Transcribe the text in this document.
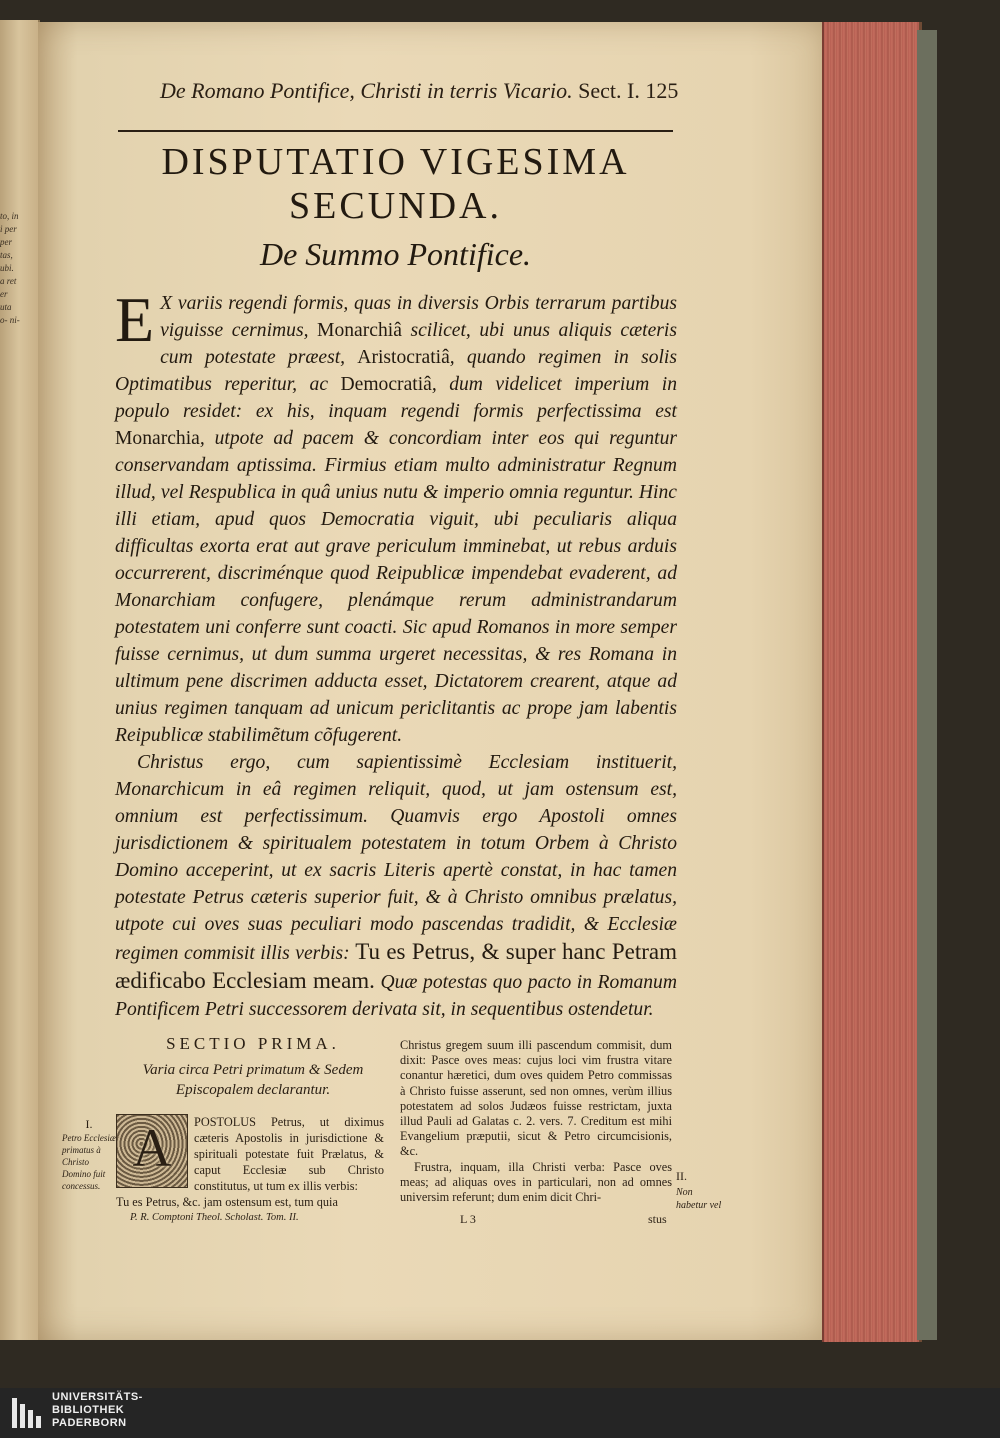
to, in i per per tas, ubi. a ret er uta o- ni-
De Romano Pontifice, Christi in terris Vicario. Sect. I. 125
DISPUTATIO VIGESIMA
SECUNDA.
De Summo Pontifice.

E X variis regendi formis, quas in diversis Orbis terrarum partibus viguisse cernimus, Monarchiâ scilicet, ubi unus aliquis cæteris cum potestate præest, Aristocratiâ, quando regimen in solis Optimatibus reperitur, ac Democratiâ, dum videlicet imperium in populo residet: ex his, inquam regendi formis perfectissima est Monarchia, utpote ad pacem & concordiam inter eos qui reguntur conservandam aptissima. Firmius etiam multo administratur Regnum illud, vel Respublica in quâ unius nutu & imperio omnia reguntur. Hinc illi etiam, apud quos Democratia viguit, ubi peculiaris aliqua difficultas exorta erat aut grave periculum imminebat, ut rebus arduis occurrerent, discriménque quod Reipublicæ impendebat evaderent, ad Monarchiam confugere, plenámque rerum administrandarum potestatem uni conferre sunt coacti. Sic apud Romanos in more semper fuisse cernimus, ut dum summa urgeret necessitas, & res Romana in ultimum pene discrimen adducta esset, Dictatorem crearent, atque ad unius regimen tanquam ad unicum periclitantis ac prope jam labentis Reipublicæ stabilimẽtum cõfugerent.

Christus ergo, cum sapientissimè Ecclesiam instituerit, Monarchicum in eâ regimen reliquit, quod, ut jam ostensum est, omnium est perfectissimum. Quamvis ergo Apostoli omnes jurisdictionem & spiritualem potestatem in totum Orbem à Christo Domino acceperint, ut ex sacris Literis apertè constat, in hac tamen potestate Petrus cæteris superior fuit, & à Christo omnibus prælatus, utpote cui oves suas peculiari modo pascendas tradidit, & Ecclesiæ regimen commisit illis verbis: Tu es Petrus, & super hanc Petram ædificabo Ecclesiam meam. Quæ potestas quo pacto in Romanum Pontificem Petri successorem derivata sit, in sequentibus ostendetur.

SECTIO PRIMA.
Varia circa Petri primatum & Sedem Episcopalem declarantur.
I.
Petro Ecclesiæ primatus à Christo Domino fuit concessus.
A	POSTOLUS Petrus, ut diximus cæteris Apostolis in jurisdictione & spirituali potestate fuit Prælatus, & caput Ecclesiæ sub Christo constitutus, ut tum ex illis verbis:
Tu es Petrus, &c. jam ostensum est, tum quia
P. R. Comptoni Theol. Scholast. Tom. II.

Christus gregem suum illi pascendum commisit, dum dixit: Pasce oves meas: cujus loci vim frustra vitare conantur hæretici, dum oves quidem Petro commissas à Christo fuisse asserunt, sed non omnes, verùm illius potestatem ad solos Judæos fuisse restrictam, juxta illud Pauli ad Galatas c. 2. vers. 7. Creditum est mihi Evangelium præputii, sicut & Petro circumcisionis, &c.

Frustra, inquam, illa Christi verba: Pasce oves meas; ad aliquas oves in particulari, non ad omnes universim referunt; dum enim dicit Chri-

II.
Non habetur vel
L 3	stus
UNIVERSITÄTS-
BIBLIOTHEK
PADERBORN
